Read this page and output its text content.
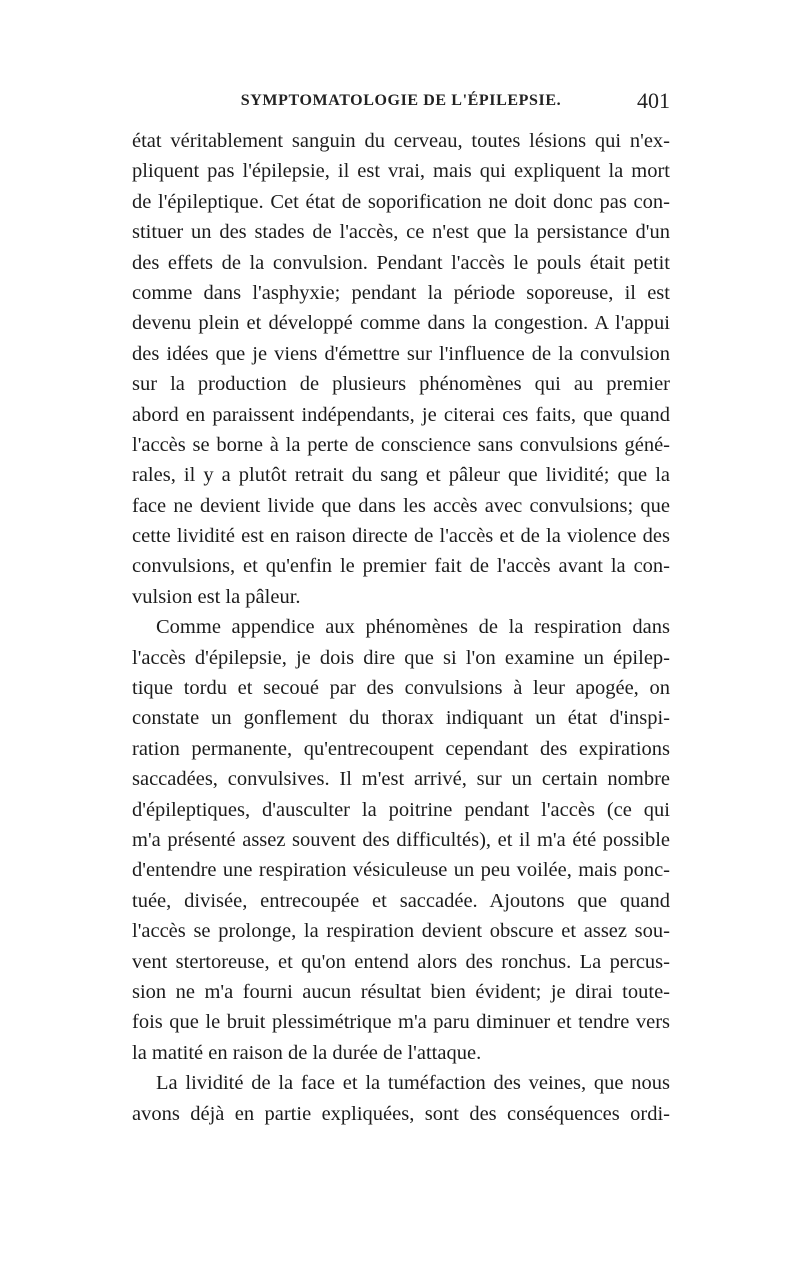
SYMPTOMATOLOGIE DE L'ÉPILEPSIE.	401
état véritablement sanguin du cerveau, toutes lésions qui n'ex-
pliquent pas l'épilepsie, il est vrai, mais qui expliquent la mort
de l'épileptique. Cet état de soporification ne doit donc pas con-
stituer un des stades de l'accès, ce n'est que la persistance d'un
des effets de la convulsion. Pendant l'accès le pouls était petit
comme dans l'asphyxie; pendant la période soporeuse, il est
devenu plein et développé comme dans la congestion. A l'appui
des idées que je viens d'émettre sur l'influence de la convulsion
sur la production de plusieurs phénomènes qui au premier
abord en paraissent indépendants, je citerai ces faits, que quand
l'accès se borne à la perte de conscience sans convulsions géné-
rales, il y a plutôt retrait du sang et pâleur que lividité; que la
face ne devient livide que dans les accès avec convulsions; que
cette lividité est en raison directe de l'accès et de la violence des
convulsions, et qu'enfin le premier fait de l'accès avant la con-
vulsion est la pâleur.
Comme appendice aux phénomènes de la respiration dans
l'accès d'épilepsie, je dois dire que si l'on examine un épilep-
tique tordu et secoué par des convulsions à leur apogée, on
constate un gonflement du thorax indiquant un état d'inspi-
ration permanente, qu'entrecoupent cependant des expirations
saccadées, convulsives. Il m'est arrivé, sur un certain nombre
d'épileptiques, d'ausculter la poitrine pendant l'accès (ce qui
m'a présenté assez souvent des difficultés), et il m'a été possible
d'entendre une respiration vésiculeuse un peu voilée, mais ponc-
tuée, divisée, entrecoupée et saccadée. Ajoutons que quand
l'accès se prolonge, la respiration devient obscure et assez sou-
vent stertoreuse, et qu'on entend alors des ronchus. La percus-
sion ne m'a fourni aucun résultat bien évident; je dirai toute-
fois que le bruit plessimétrique m'a paru diminuer et tendre vers
la matité en raison de la durée de l'attaque.
La lividité de la face et la tuméfaction des veines, que nous
avons déjà en partie expliquées, sont des conséquences ordi-
